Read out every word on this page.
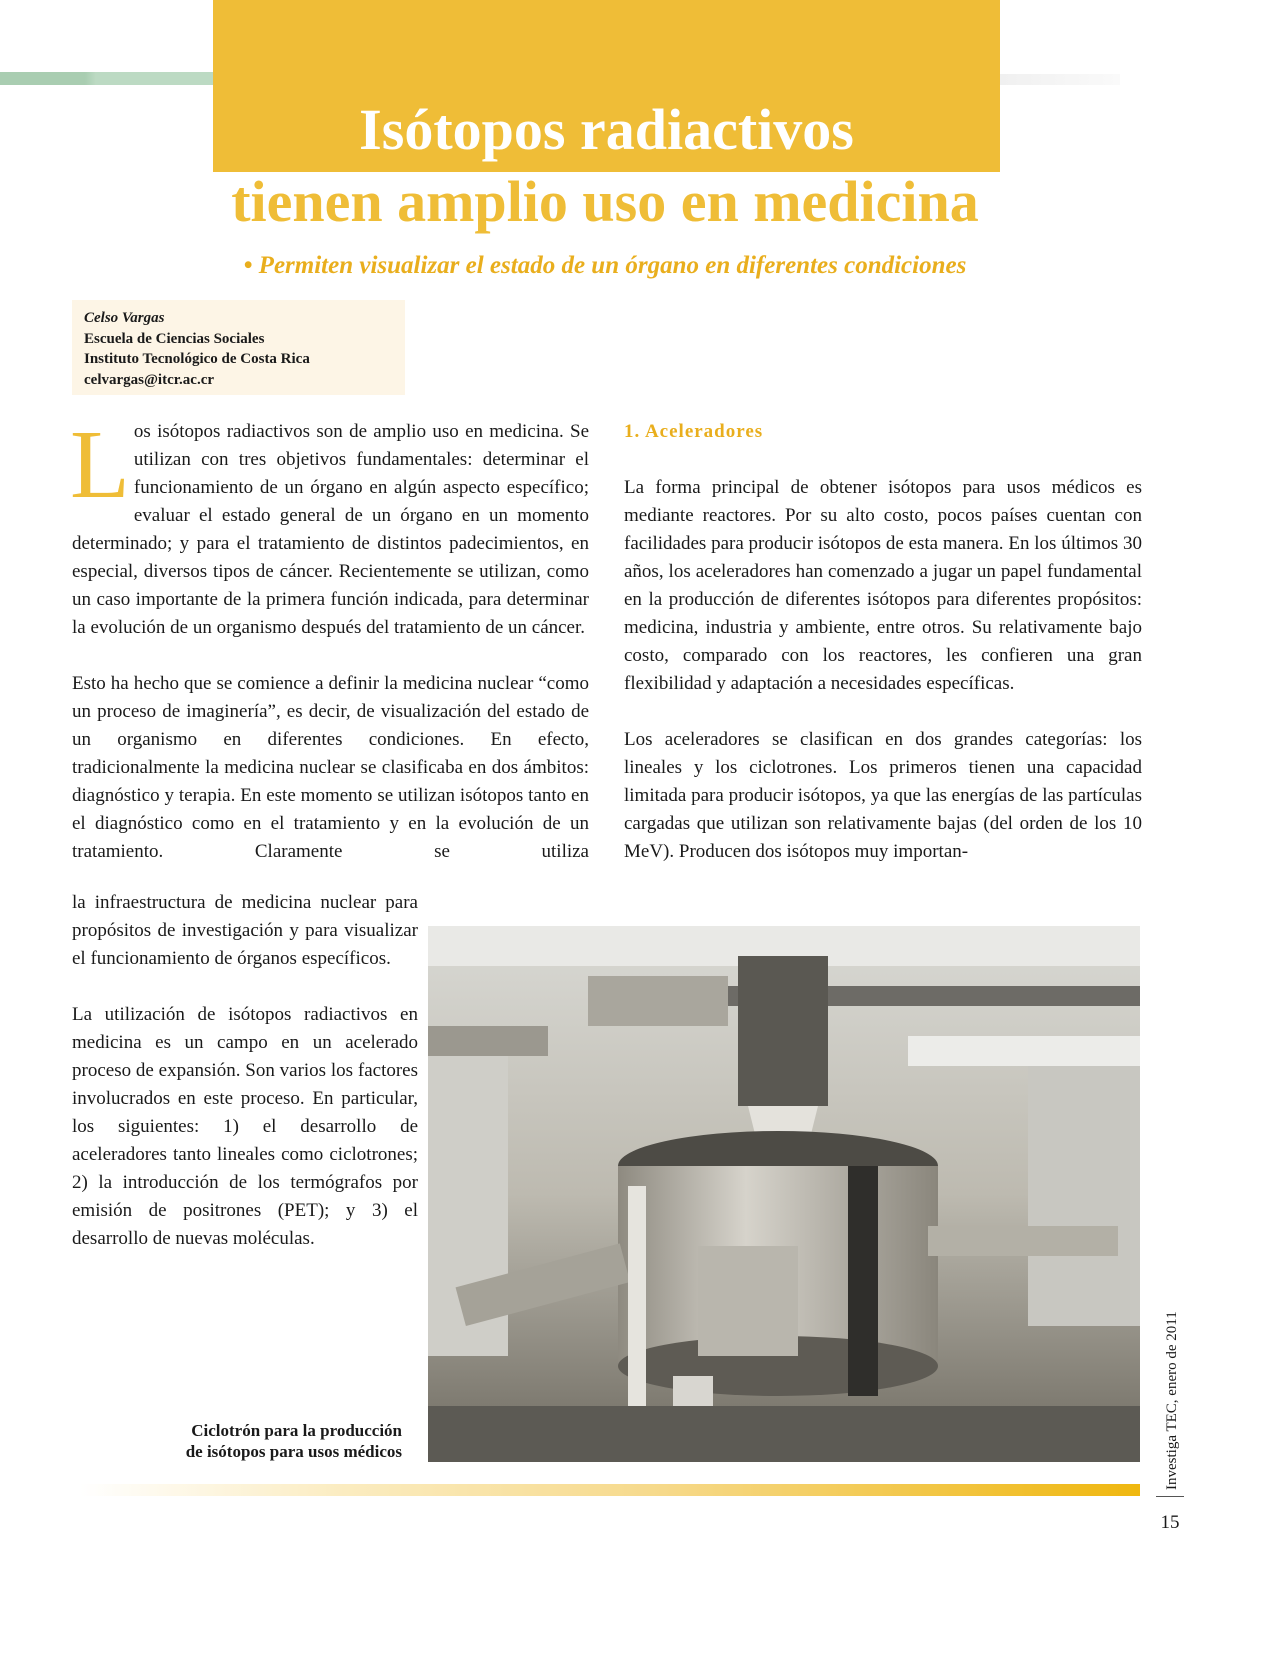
Isótopos radiactivos
tienen amplio uso en medicina
• Permiten visualizar el estado de un órgano en diferentes condiciones
Celso Vargas
Escuela de Ciencias Sociales
Instituto Tecnológico de Costa Rica
celvargas@itcr.ac.cr

Los isótopos radiactivos son de amplio uso en medicina. Se utilizan con tres objetivos fundamentales: determinar el funcionamiento de un órgano en algún aspecto específico; evaluar el estado general de un órgano en un momento determinado; y para el tratamiento de distintos padecimientos, en especial, diversos tipos de cáncer. Recientemente se utilizan, como un caso importante de la primera función indicada, para determinar la evolución de un organismo después del tratamiento de un cáncer.

Esto ha hecho que se comience a definir la medicina nuclear “como un proceso de imaginería”, es decir, de visualización del estado de un organismo en diferentes condiciones. En efecto, tradicionalmente la medicina nuclear se clasificaba en dos ámbitos: diagnóstico y terapia. En este momento se utilizan isótopos tanto en el diagnóstico como en el tratamiento y en la evolución de un tratamiento. Claramente se utiliza

la infraestructura de medicina nuclear para propósitos de investigación y para visualizar el funcionamiento de órganos específicos.

La utilización de isótopos radiactivos en medicina es un campo en un acelerado proceso de expansión. Son varios los factores involucrados en este proceso. En particular, los siguientes: 1) el desarrollo de aceleradores tanto lineales como ciclotrones; 2) la introducción de los termógrafos por emisión de positrones (PET); y 3) el desarrollo de nuevas moléculas.

1. Aceleradores

La forma principal de obtener isótopos para usos médicos es mediante reactores. Por su alto costo, pocos países cuentan con facilidades para producir isótopos de esta manera. En los últimos 30 años, los aceleradores han comenzado a jugar un papel fundamental en la producción de diferentes isótopos para diferentes propósitos: medicina, industria y ambiente, entre otros. Su relativamente bajo costo, comparado con los reactores, les confieren una gran flexibilidad y adaptación a necesidades específicas.

Los aceleradores se clasifican en dos grandes categorías: los lineales y los ciclotrones. Los primeros tienen una capacidad limitada para producir isótopos, ya que las energías de las partículas cargadas que utilizan son relativamente bajas (del orden de los 10 MeV). Producen dos isótopos muy importan-

Ciclotrón para la producción
de isótopos para usos médicos	Investiga TEC, enero de 2011
15
